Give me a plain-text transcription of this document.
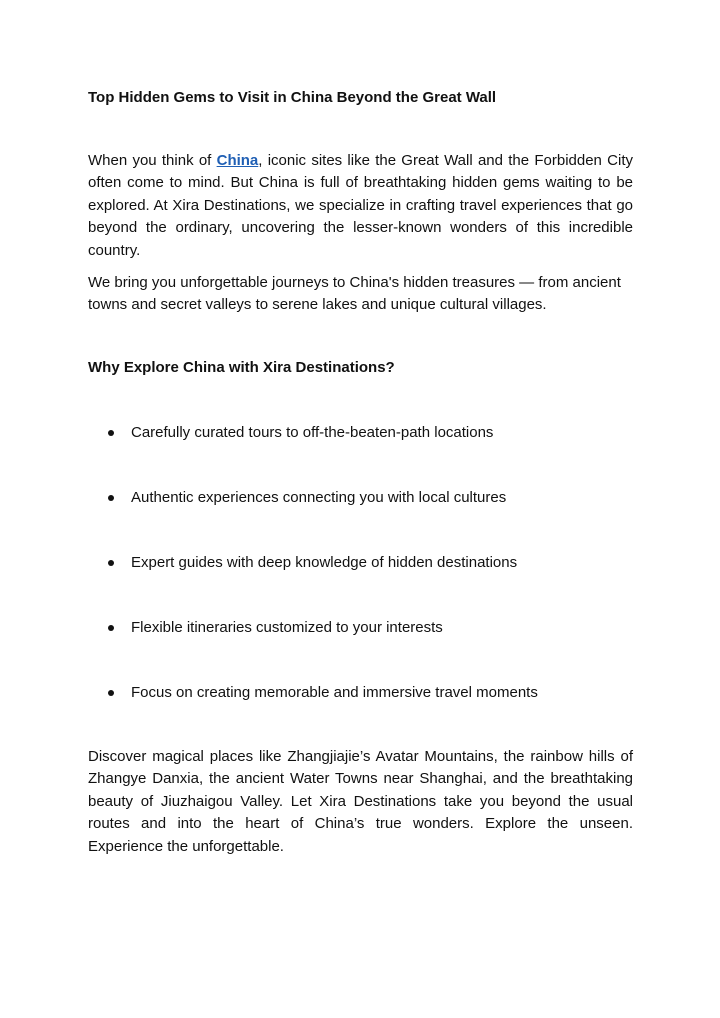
Top Hidden Gems to Visit in China Beyond the Great Wall

When you think of China, iconic sites like the Great Wall and the Forbidden City often come to mind. But China is full of breathtaking hidden gems waiting to be explored. At Xira Destinations, we specialize in crafting travel experiences that go beyond the ordinary, uncovering the lesser-known wonders of this incredible country.

We bring you unforgettable journeys to China's hidden treasures — from ancient towns and secret valleys to serene lakes and unique cultural villages.

Why Explore China with Xira Destinations?
Carefully curated tours to off-the-beaten-path locations
Authentic experiences connecting you with local cultures
Expert guides with deep knowledge of hidden destinations
Flexible itineraries customized to your interests
Focus on creating memorable and immersive travel moments

Discover magical places like Zhangjiajie’s Avatar Mountains, the rainbow hills of Zhangye Danxia, the ancient Water Towns near Shanghai, and the breathtaking beauty of Jiuzhaigou Valley. Let Xira Destinations take you beyond the usual routes and into the heart of China’s true wonders. Explore the unseen. Experience the unforgettable.
